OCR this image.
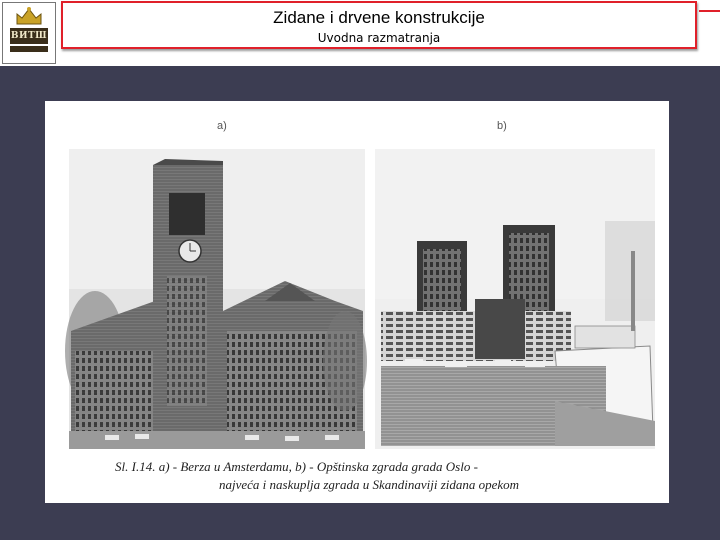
ВИТШ
Zidane i drvene konstrukcije
Uvodna razmatranja
a)	b)
Sl. I.14. a) - Berza u Amsterdamu, b) - Opštinska zgrada grada Oslo -
najveća i naskuplja zgrada u Skandinaviji zidana opekom
